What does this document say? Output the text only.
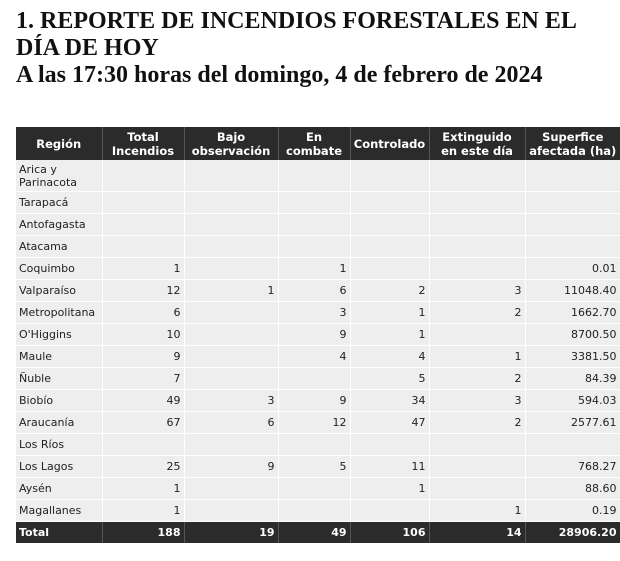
1. REPORTE DE INCENDIOS FORESTALES EN EL DÍA DE HOY

A las 17:30 horas del domingo, 4 de febrero de 2024

Región	Total Incendios	Bajo observación	En combate	Controlado	Extinguido en este día	Superfice afectada (ha)
Arica y Parinacota						
Tarapacá						
Antofagasta						
Atacama						
Coquimbo	1		1			0.01
Valparaíso	12	1	6	2	3	11048.40
Metropolitana	6		3	1	2	1662.70
O'Higgins	10		9	1		8700.50
Maule	9		4	4	1	3381.50
Ñuble	7			5	2	84.39
Biobío	49	3	9	34	3	594.03
Araucanía	67	6	12	47	2	2577.61
Los Ríos						
Los Lagos	25	9	5	11		768.27
Aysén	1			1		88.60
Magallanes	1				1	0.19
Total	188	19	49	106	14	28906.20
